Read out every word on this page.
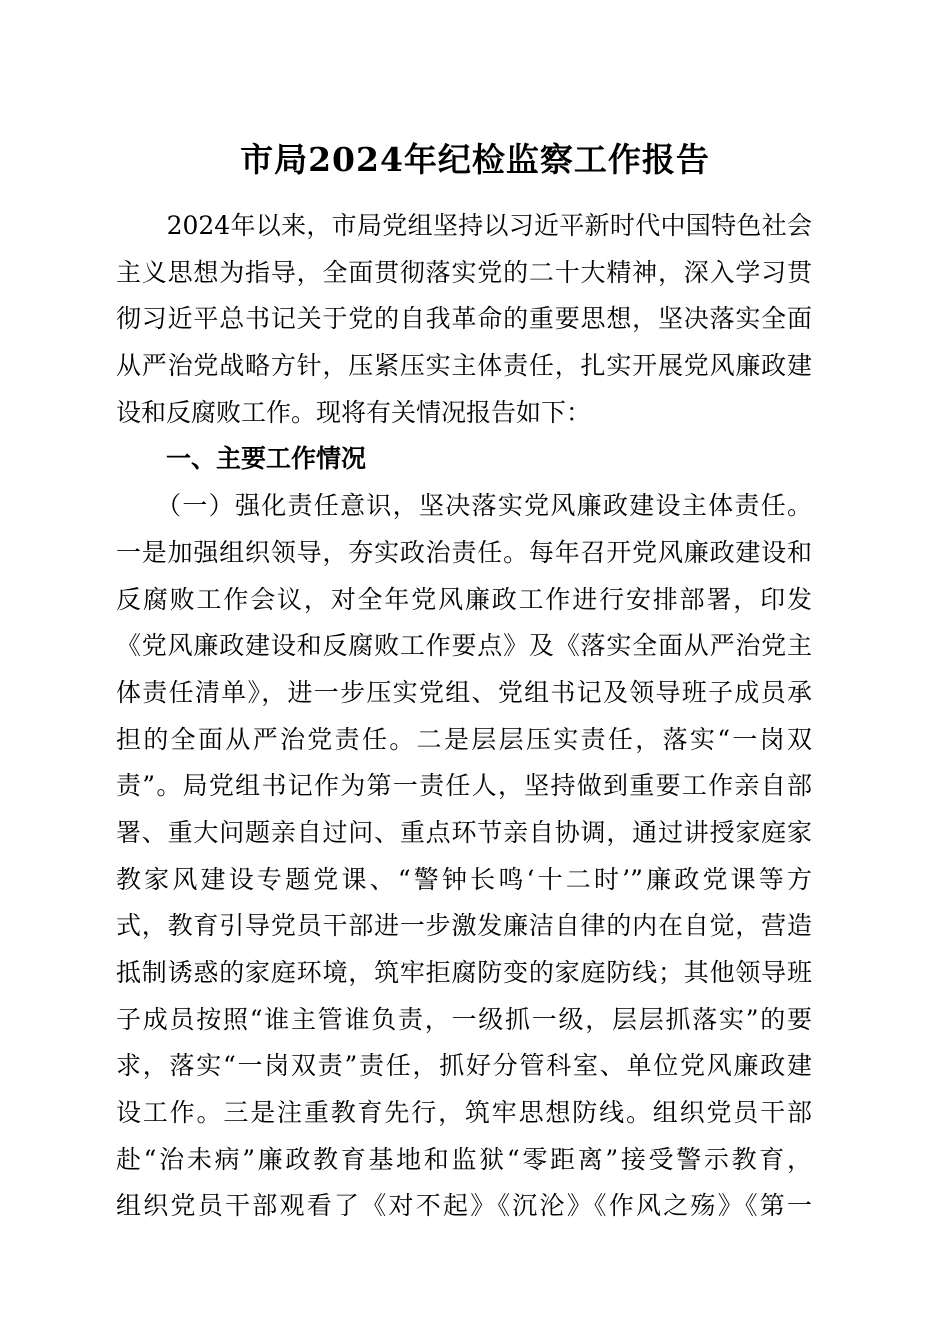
市局2024年纪检监察工作报告
　　2024年以来，市局党组坚持以习近平新时代中国特色社会
主义思想为指导，全面贯彻落实党的二十大精神，深入学习贯
彻习近平总书记关于党的自我革命的重要思想，坚决落实全面
从严治党战略方针，压紧压实主体责任，扎实开展党风廉政建
设和反腐败工作。现将有关情况报告如下：
　　一、主要工作情况
　　（一）强化责任意识，坚决落实党风廉政建设主体责任。
一是加强组织领导，夯实政治责任。每年召开党风廉政建设和
反腐败工作会议，对全年党风廉政工作进行安排部署，印发
《党风廉政建设和反腐败工作要点》及《落实全面从严治党主
体责任清单》，进一步压实党组、党组书记及领导班子成员承
担的全面从严治党责任。二是层层压实责任，落实“一岗双
责”。局党组书记作为第一责任人，坚持做到重要工作亲自部
署、重大问题亲自过问、重点环节亲自协调，通过讲授家庭家
教家风建设专题党课、“警钟长鸣‘十二时’”廉政党课等方
式，教育引导党员干部进一步激发廉洁自律的内在自觉，营造
抵制诱惑的家庭环境，筑牢拒腐防变的家庭防线；其他领导班
子成员按照“谁主管谁负责，一级抓一级，层层抓落实”的要
求，落实“一岗双责”责任，抓好分管科室、单位党风廉政建
设工作。三是注重教育先行，筑牢思想防线。组织党员干部
赴“治未病”廉政教育基地和监狱“零距离”接受警示教育，
组织党员干部观看了《对不起》《沉沦》《作风之殇》《第一
